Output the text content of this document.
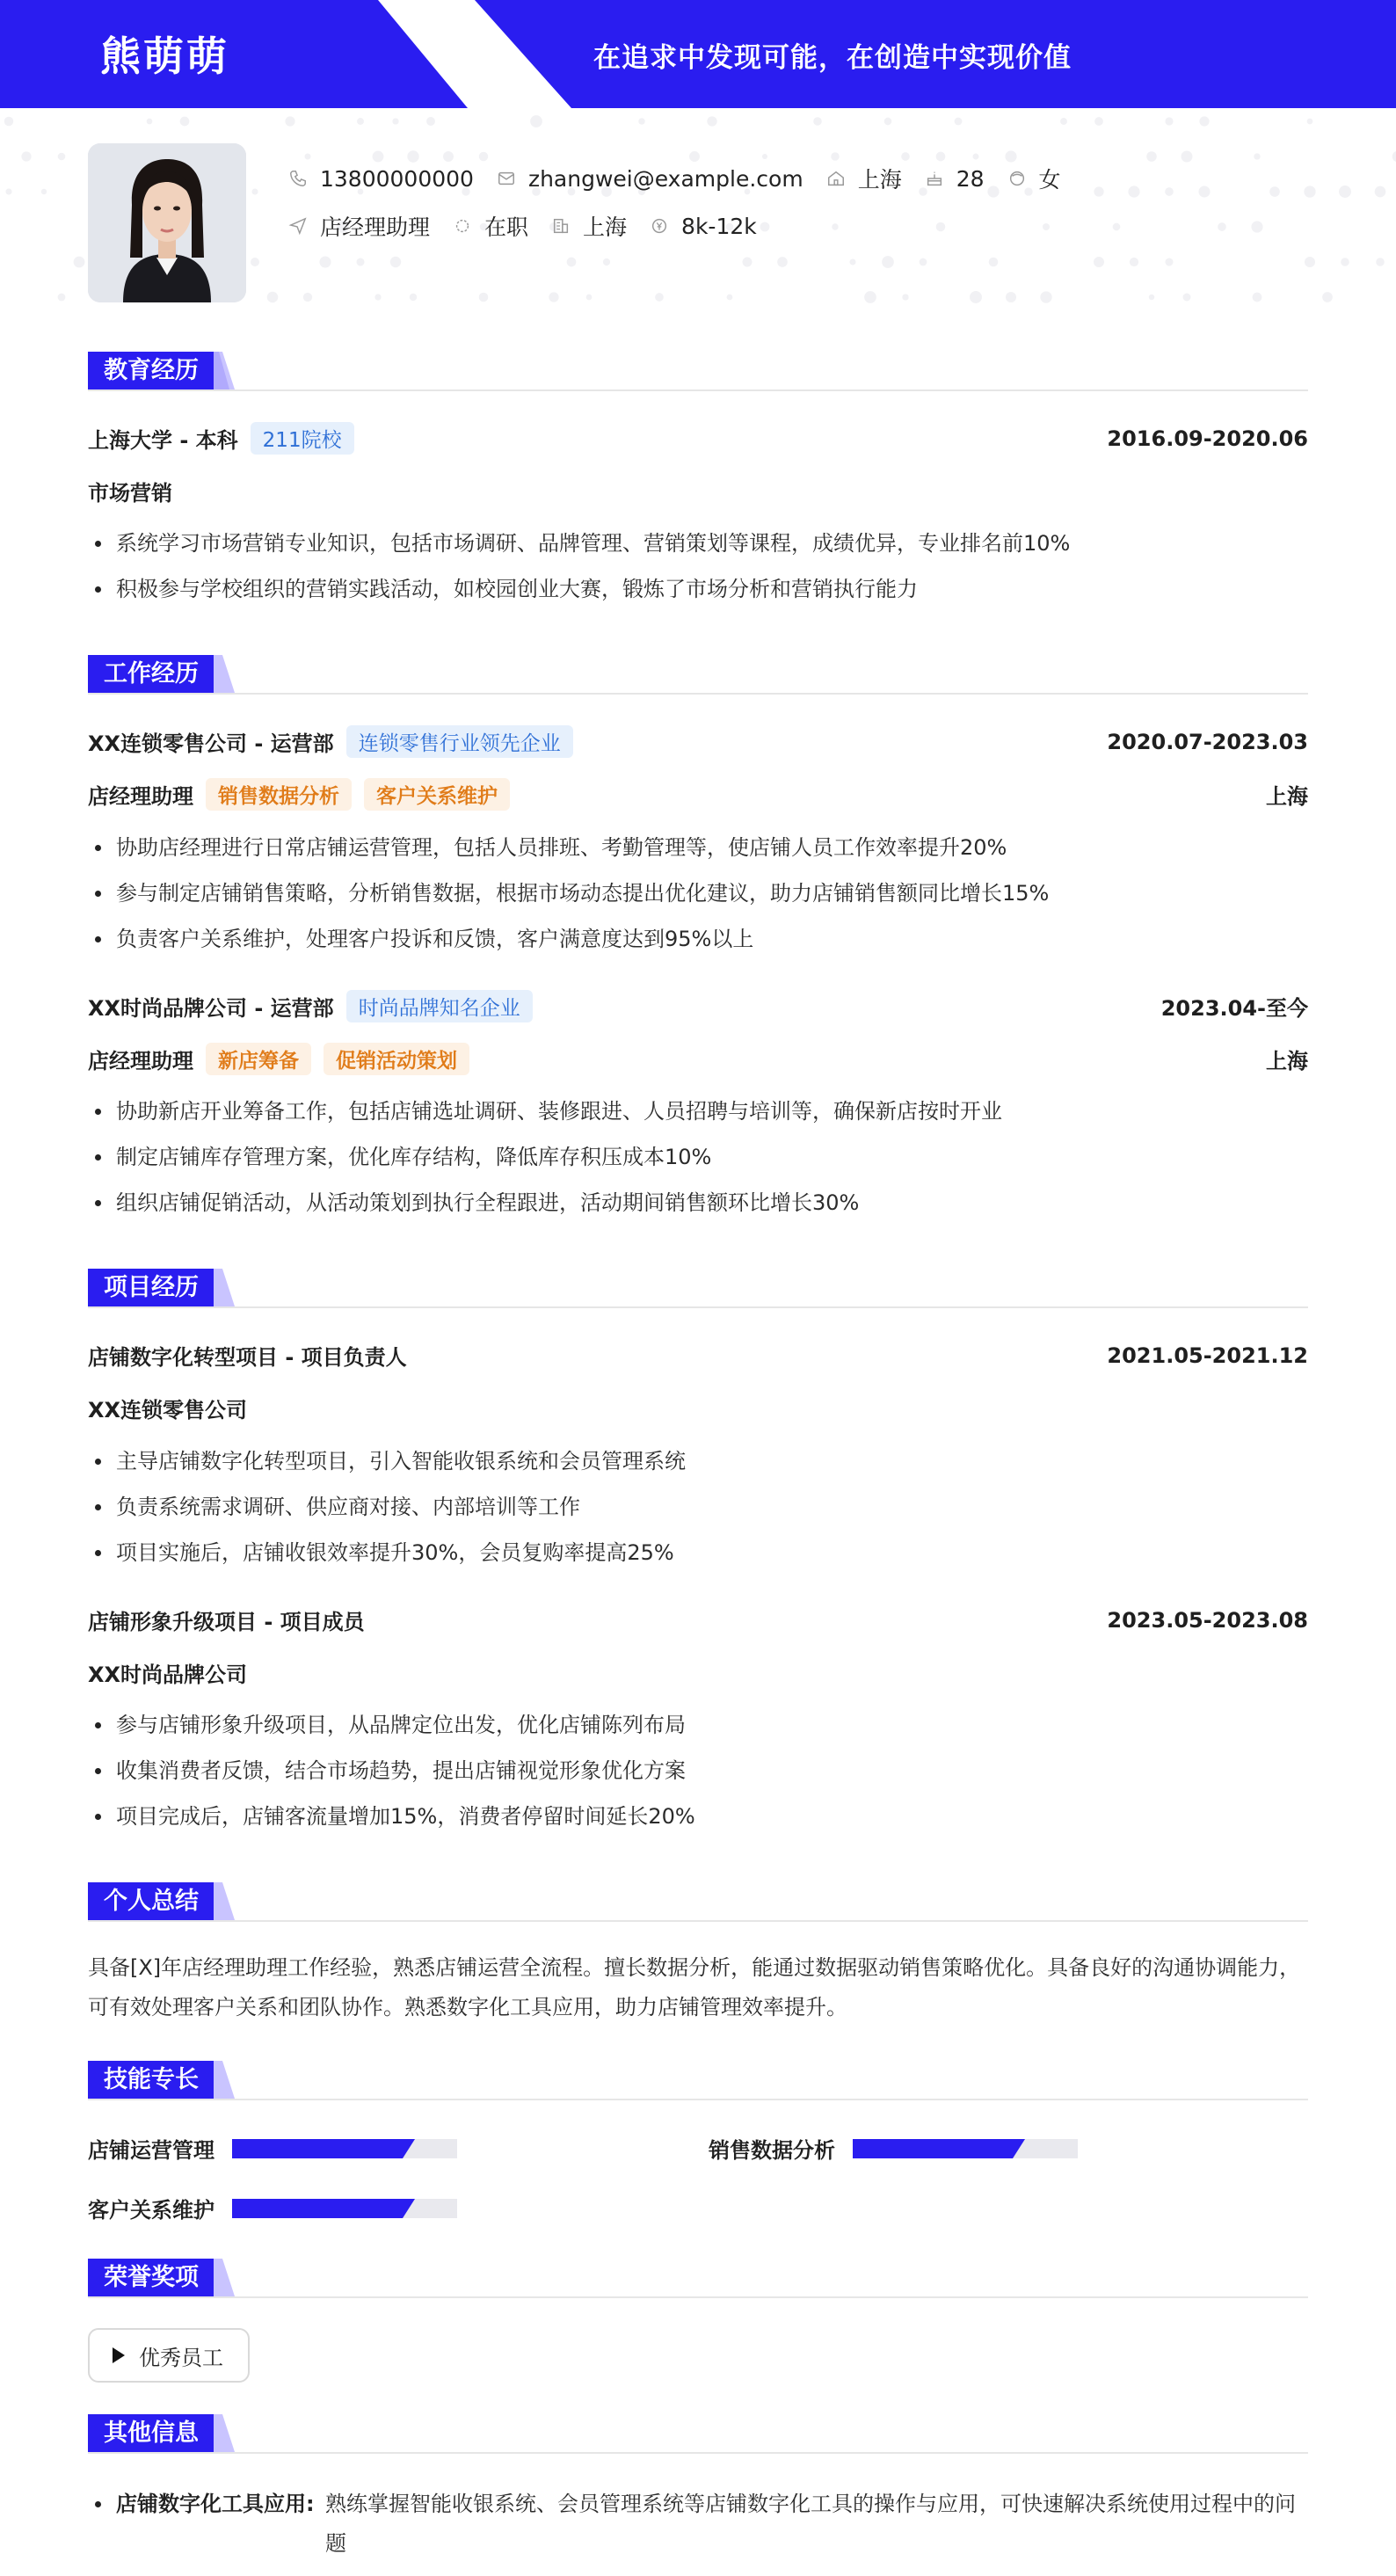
熊萌萌	在追求中发现可能，在创造中实现价值
13800000000 zhangwei@example.com 上海 28 女
店经理助理 在职 上海 8k-12k
教育经历
上海大学 - 本科	211院校	2016.09-2020.06
市场营销
系统学习市场营销专业知识，包括市场调研、品牌管理、营销策划等课程，成绩优异，专业排名前10%
积极参与学校组织的营销实践活动，如校园创业大赛，锻炼了市场分析和营销执行能力
工作经历
XX连锁零售公司 - 运营部	连锁零售行业领先企业	2020.07-2023.03
店经理助理	销售数据分析	客户关系维护	上海
协助店经理进行日常店铺运营管理，包括人员排班、考勤管理等，使店铺人员工作效率提升20%
参与制定店铺销售策略，分析销售数据，根据市场动态提出优化建议，助力店铺销售额同比增长15%
负责客户关系维护，处理客户投诉和反馈，客户满意度达到95%以上
XX时尚品牌公司 - 运营部	时尚品牌知名企业	2023.04-至今
店经理助理	新店筹备	促销活动策划	上海
协助新店开业筹备工作，包括店铺选址调研、装修跟进、人员招聘与培训等，确保新店按时开业
制定店铺库存管理方案，优化库存结构，降低库存积压成本10%
组织店铺促销活动，从活动策划到执行全程跟进，活动期间销售额环比增长30%
项目经历
店铺数字化转型项目 - 项目负责人	2021.05-2021.12
XX连锁零售公司
主导店铺数字化转型项目，引入智能收银系统和会员管理系统
负责系统需求调研、供应商对接、内部培训等工作
项目实施后，店铺收银效率提升30%，会员复购率提高25%
店铺形象升级项目 - 项目成员	2023.05-2023.08
XX时尚品牌公司
参与店铺形象升级项目，从品牌定位出发，优化店铺陈列布局
收集消费者反馈，结合市场趋势，提出店铺视觉形象优化方案
项目完成后，店铺客流量增加15%，消费者停留时间延长20%
个人总结
具备[X]年店经理助理工作经验，熟悉店铺运营全流程。擅长数据分析，能通过数据驱动销售策略优化。具备良好的沟通协调能力，
可有效处理客户关系和团队协作。熟悉数字化工具应用，助力店铺管理效率提升。
技能专长
店铺运营管理	销售数据分析
客户关系维护
荣誉奖项
优秀员工
其他信息
店铺数字化工具应用: 熟练掌握智能收银系统、会员管理系统等店铺数字化工具的操作与应用，可快速解决系统使用过程中的问
题
